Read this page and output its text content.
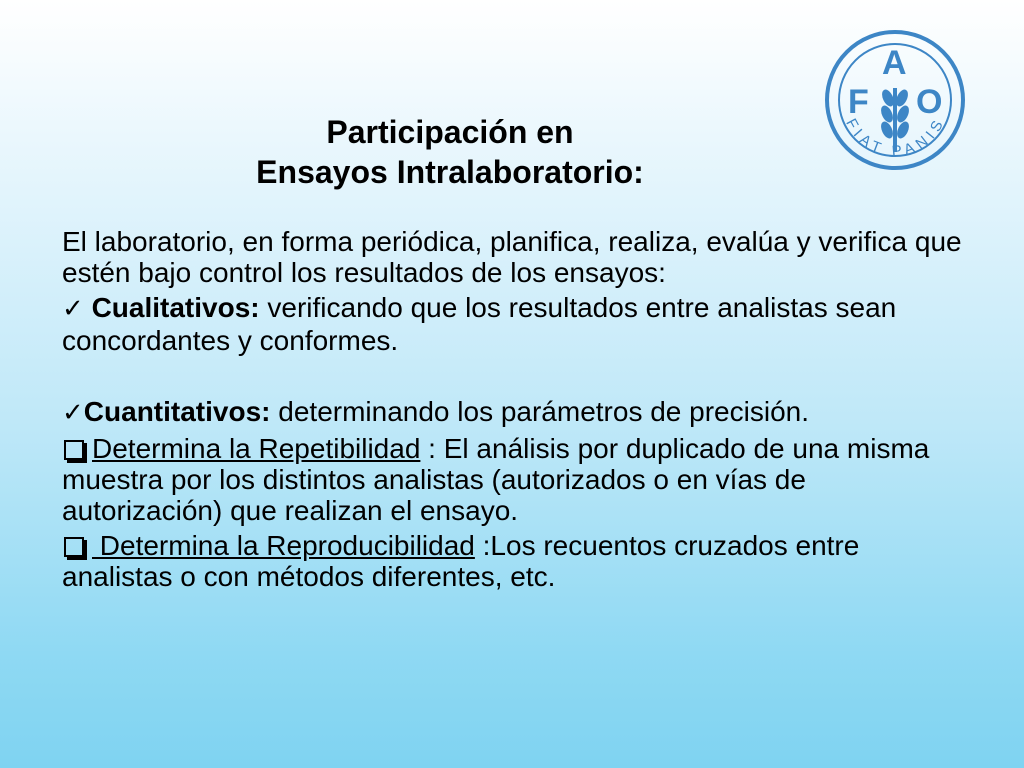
Participación en
Ensayos Intralaboratorio:
F
A
O
FIAT PANIS

El laboratorio, en forma periódica, planifica, realiza, evalúa y verifica que estén bajo control los resultados de los ensayos:

✓ Cualitativos: verificando que los resultados entre analistas sean concordantes y conformes.

✓Cuantitativos: determinando los parámetros de precisión.

Determina la Repetibilidad : El análisis por duplicado de una misma muestra por los distintos analistas (autorizados o en vías de autorización) que realizan el ensayo.

Determina la Reproducibilidad :Los recuentos cruzados entre analistas o con métodos diferentes, etc.
